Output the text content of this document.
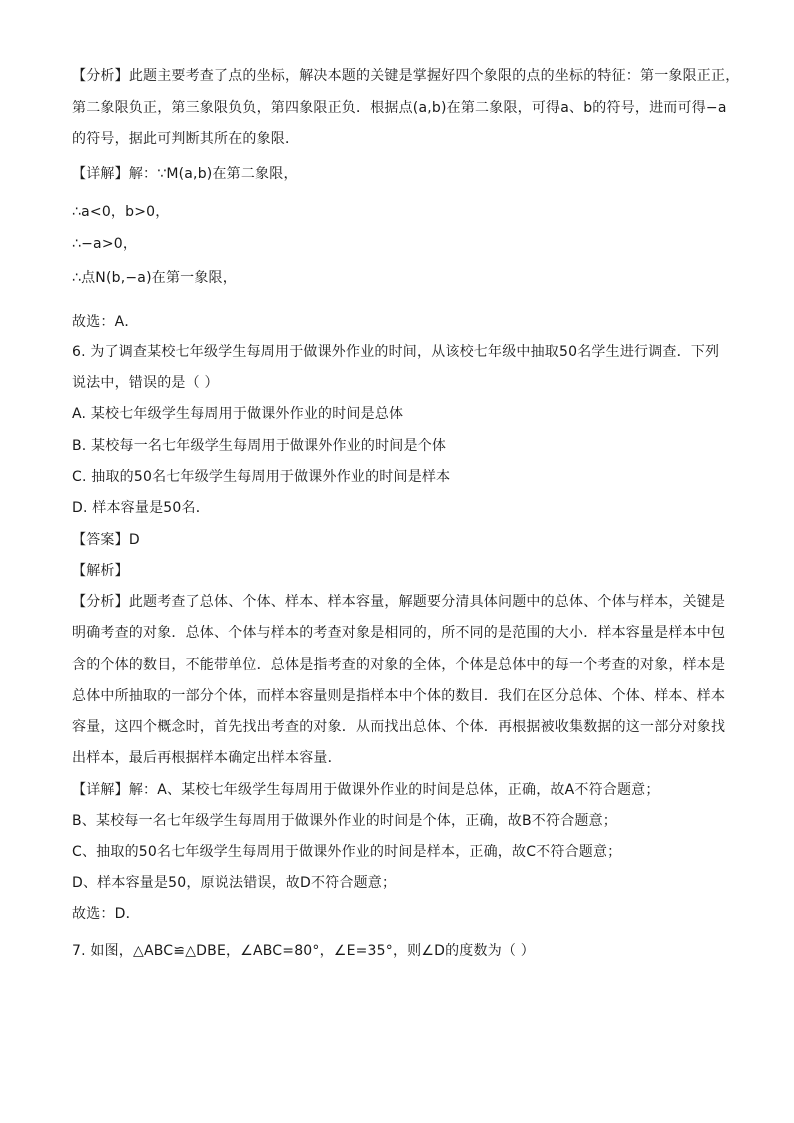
【分析】此题主要考查了点的坐标，解决本题的关键是掌握好四个象限的点的坐标的特征：第一象限正正，
第二象限负正，第三象限负负，第四象限正负．根据点(a,b)在第二象限，可得a、b的符号，进而可得−a
的符号，据此可判断其所在的象限．
【详解】解：∵M(a,b)在第二象限，
∴a<0，b>0，
∴−a>0，
∴点N(b,−a)在第一象限，
故选：A．
6. 为了调查某校七年级学生每周用于做课外作业的时间，从该校七年级中抽取50名学生进行调查．下列
说法中，错误的是（ ）
A. 某校七年级学生每周用于做课外作业的时间是总体
B. 某校每一名七年级学生每周用于做课外作业的时间是个体
C. 抽取的50名七年级学生每周用于做课外作业的时间是样本
D. 样本容量是50名．
【答案】D
【解析】
【分析】此题考查了总体、个体、样本、样本容量，解题要分清具体问题中的总体、个体与样本，关键是
明确考查的对象．总体、个体与样本的考查对象是相同的，所不同的是范围的大小．样本容量是样本中包
含的个体的数目，不能带单位．总体是指考查的对象的全体，个体是总体中的每一个考查的对象，样本是
总体中所抽取的一部分个体，而样本容量则是指样本中个体的数目．我们在区分总体、个体、样本、样本
容量，这四个概念时，首先找出考查的对象．从而找出总体、个体．再根据被收集数据的这一部分对象找
出样本，最后再根据样本确定出样本容量．
【详解】解：A、某校七年级学生每周用于做课外作业的时间是总体，正确，故A不符合题意；
B、某校每一名七年级学生每周用于做课外作业的时间是个体，正确，故B不符合题意；
C、抽取的50名七年级学生每周用于做课外作业的时间是样本，正确，故C不符合题意；
D、样本容量是50，原说法错误，故D不符合题意；
故选：D．
7. 如图，△ABC≌△DBE，∠ABC=80°，∠E=35°，则∠D的度数为（ ）
